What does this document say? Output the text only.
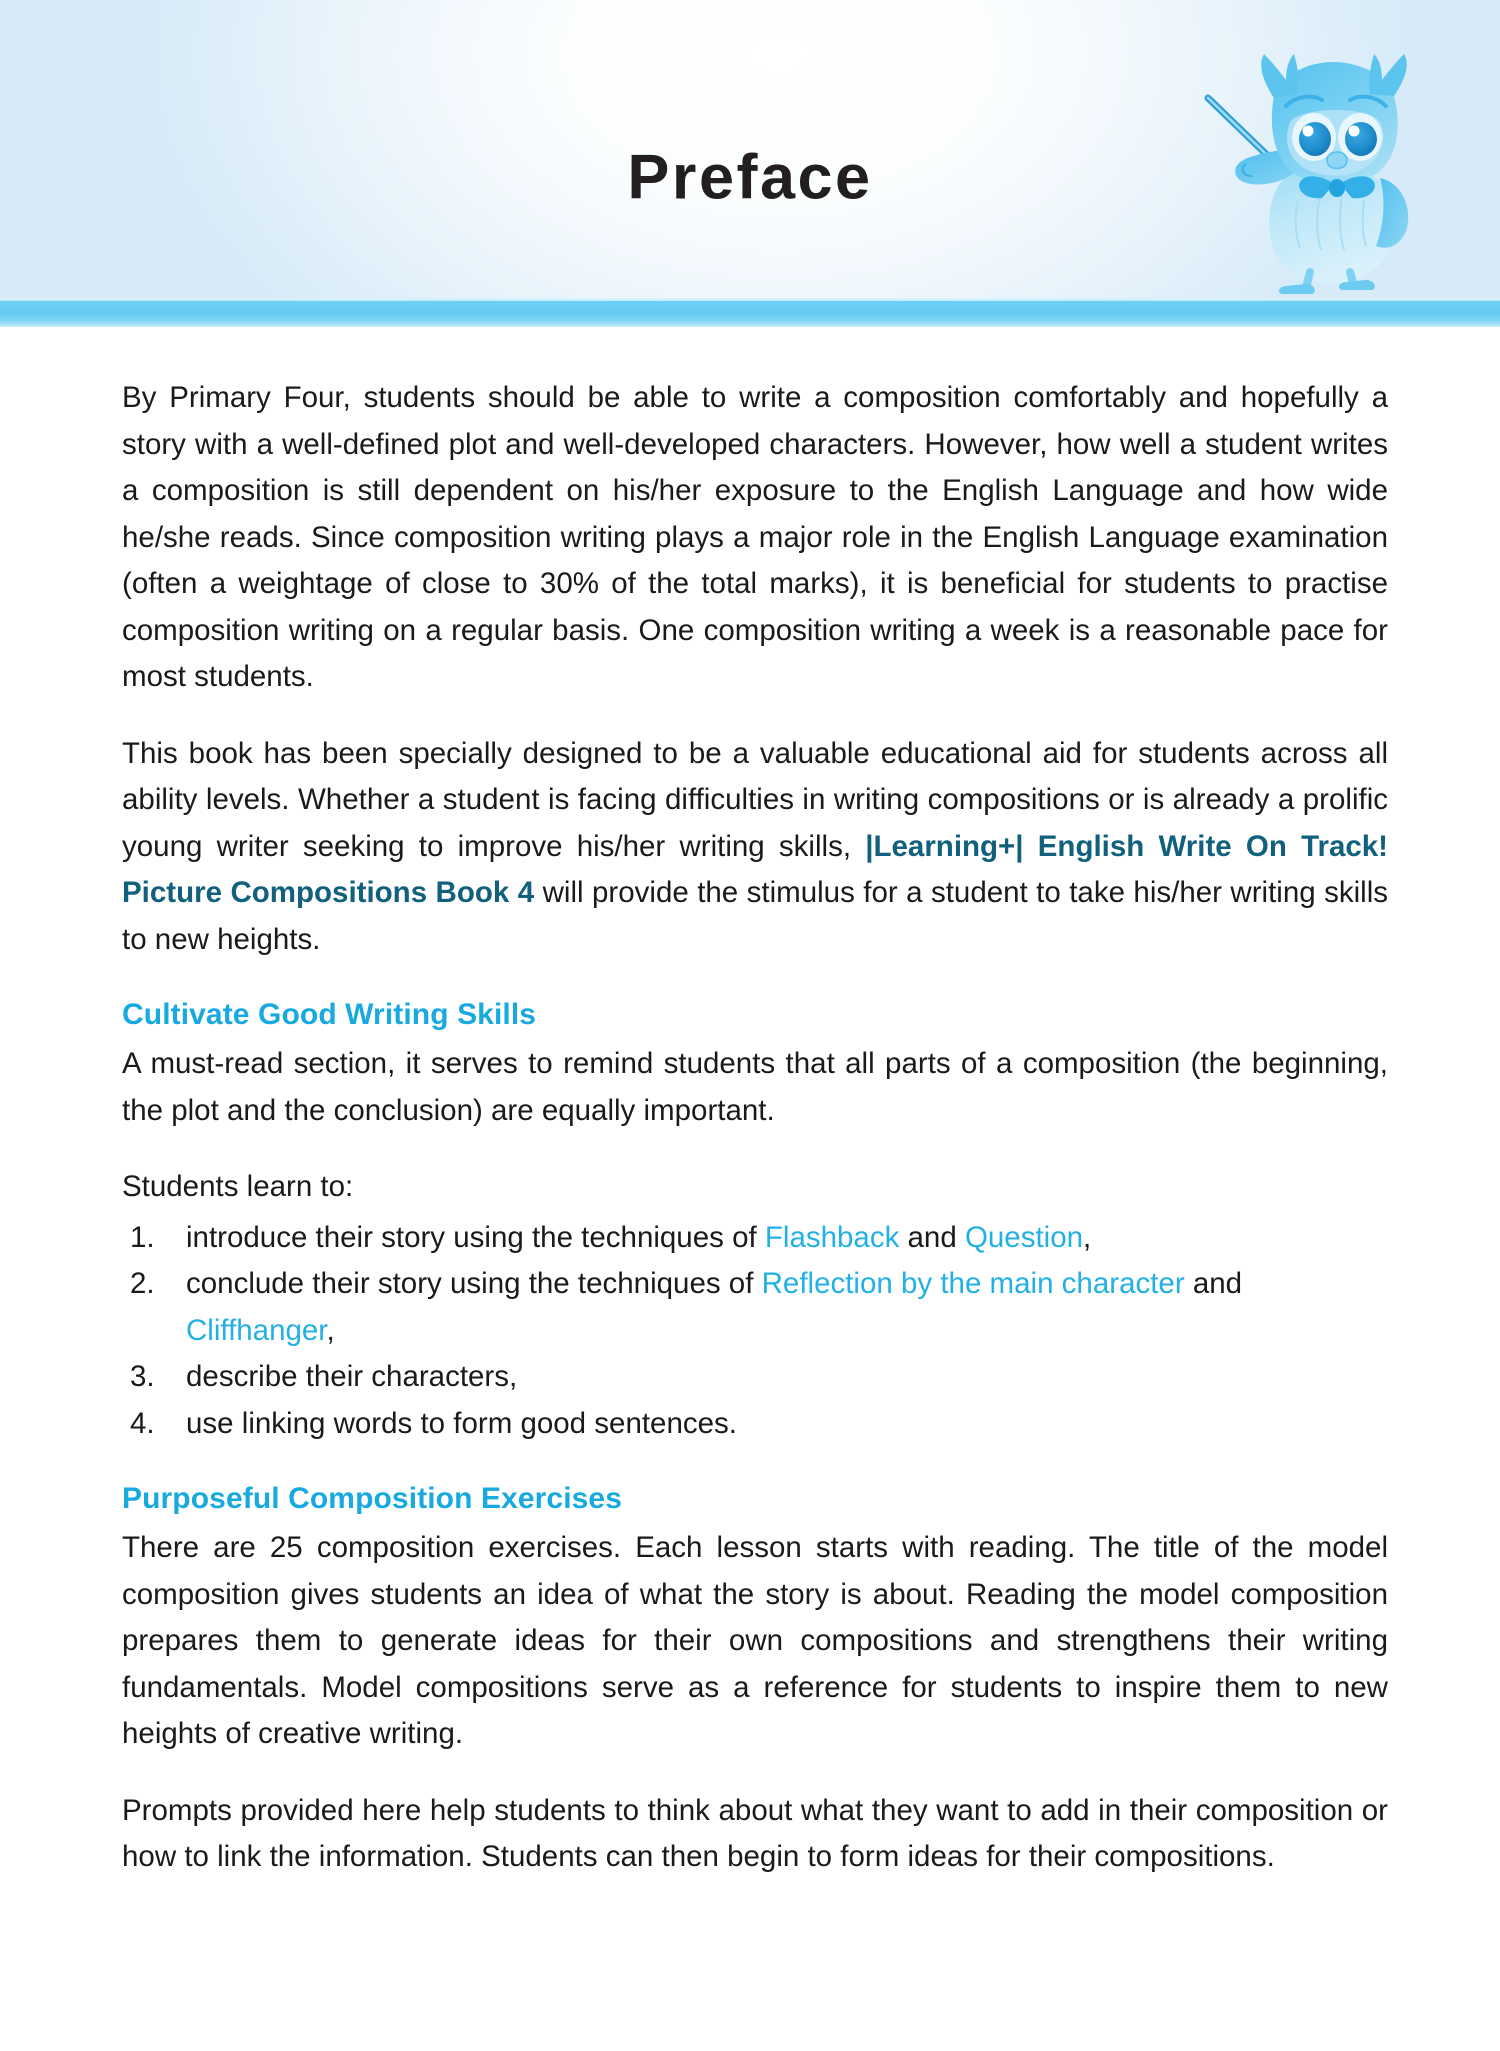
Preface

By Primary Four, students should be able to write a composition comfortably and hopefully a story with a well-defined plot and well-developed characters. However, how well a student writes a composition is still dependent on his/her exposure to the English Language and how wide he/she reads. Since composition writing plays a major role in the English Language examination (often a weightage of close to 30% of the total marks), it is beneficial for students to practise composition writing on a regular basis. One composition writing a week is a reasonable pace for most students.

This book has been specially designed to be a valuable educational aid for students across all ability levels. Whether a student is facing difficulties in writing compositions or is already a prolific young writer seeking to improve his/her writing skills, |Learning+| English Write On Track! Picture Compositions Book 4 will provide the stimulus for a student to take his/her writing skills to new heights.

Cultivate Good Writing Skills

A must-read section, it serves to remind students that all parts of a composition (the beginning, the plot and the conclusion) are equally important.

Students learn to:

1.	introduce their story using the techniques of Flashback and Question,
2.	conclude their story using the techniques of Reflection by the main character and Cliffhanger,
3.	describe their characters,
4.	use linking words to form good sentences.
Purposeful Composition Exercises

There are 25 composition exercises. Each lesson starts with reading. The title of the model composition gives students an idea of what the story is about. Reading the model composition prepares them to generate ideas for their own compositions and strengthens their writing fundamentals. Model compositions serve as a reference for students to inspire them to new heights of creative writing.

Prompts provided here help students to think about what they want to add in their composition or how to link the information. Students can then begin to form ideas for their compositions.
